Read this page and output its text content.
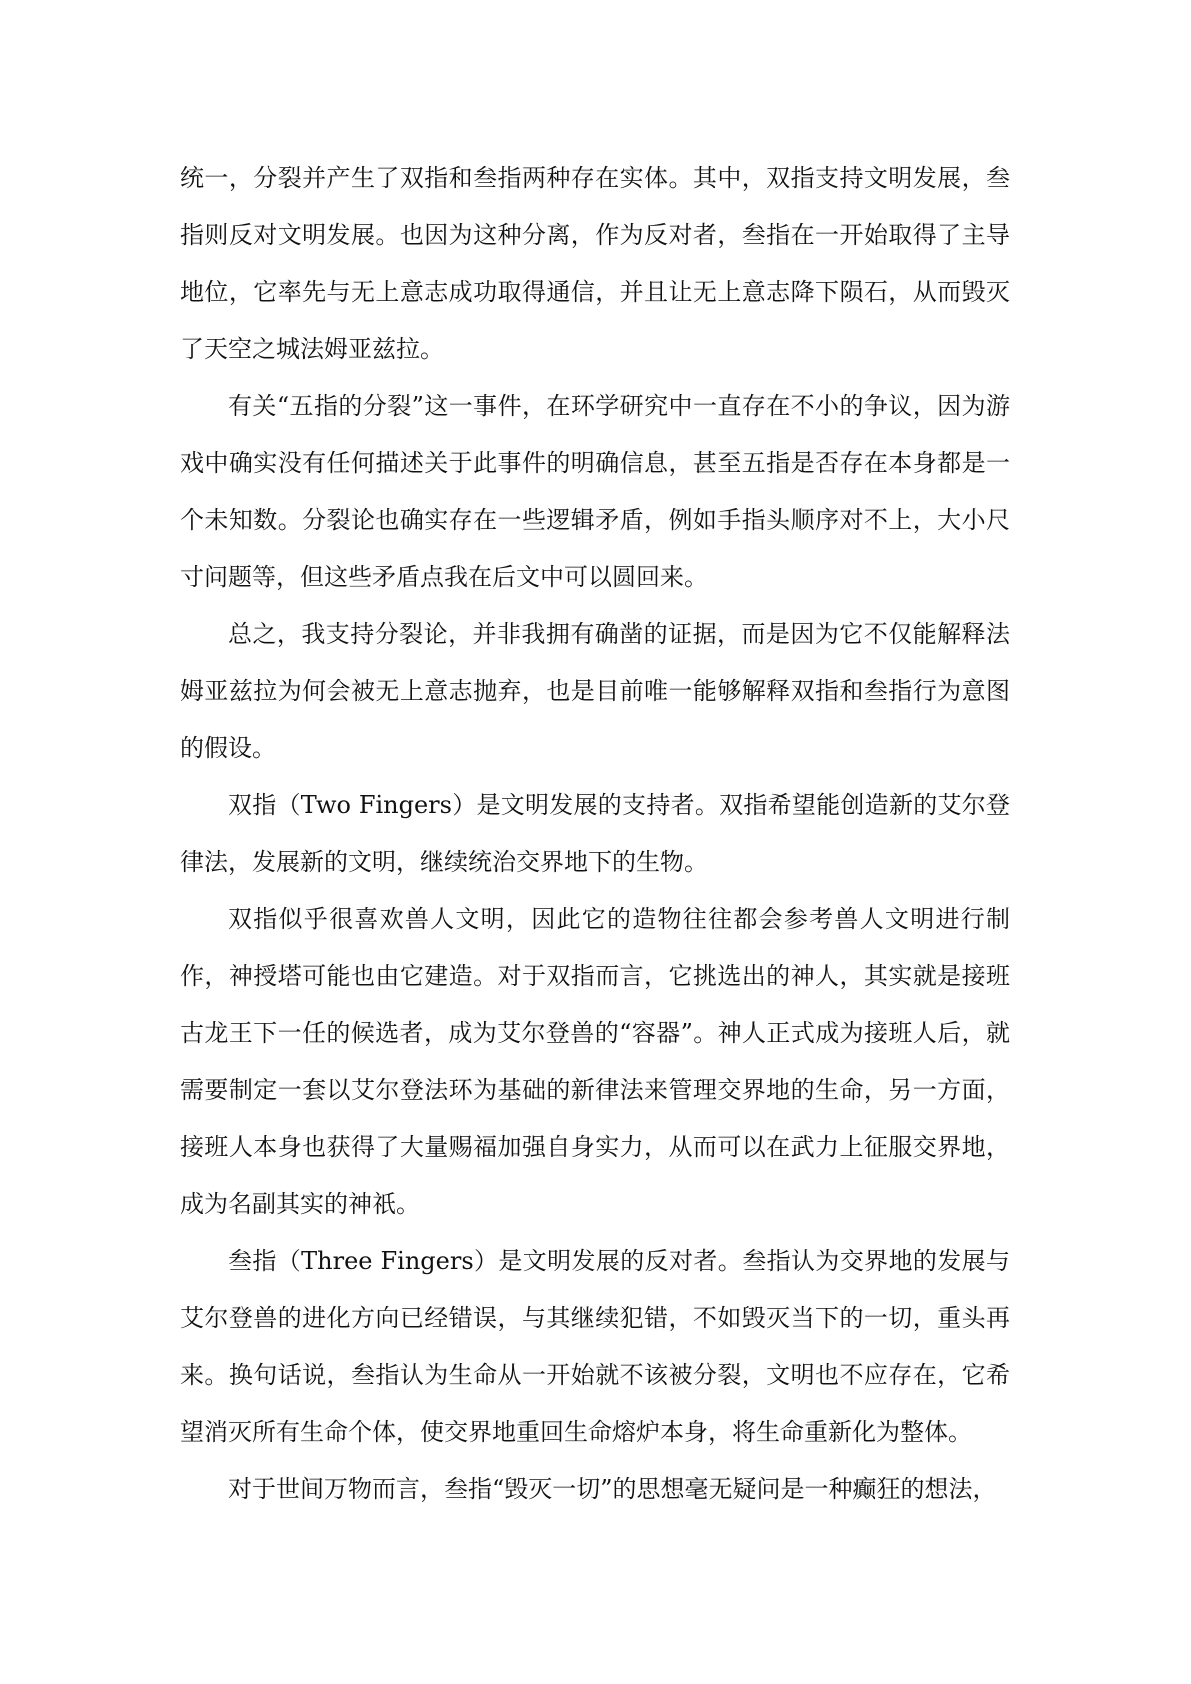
统一，分裂并产生了双指和叁指两种存在实体。其中，双指支持文明发展，叁指则反对文明发展。也因为这种分离，作为反对者，叁指在一开始取得了主导地位，它率先与无上意志成功取得通信，并且让无上意志降下陨石，从而毁灭了天空之城法姆亚兹拉。

有关“五指的分裂”这一事件，在环学研究中一直存在不小的争议，因为游戏中确实没有任何描述关于此事件的明确信息，甚至五指是否存在本身都是一个未知数。分裂论也确实存在一些逻辑矛盾，例如手指头顺序对不上，大小尺寸问题等，但这些矛盾点我在后文中可以圆回来。

总之，我支持分裂论，并非我拥有确凿的证据，而是因为它不仅能解释法姆亚兹拉为何会被无上意志抛弃，也是目前唯一能够解释双指和叁指行为意图的假设。

双指（Two Fingers）是文明发展的支持者。双指希望能创造新的艾尔登律法，发展新的文明，继续统治交界地下的生物。

双指似乎很喜欢兽人文明，因此它的造物往往都会参考兽人文明进行制作，神授塔可能也由它建造。对于双指而言，它挑选出的神人，其实就是接班古龙王下一任的候选者，成为艾尔登兽的“容器”。神人正式成为接班人后，就需要制定一套以艾尔登法环为基础的新律法来管理交界地的生命，另一方面，接班人本身也获得了大量赐福加强自身实力，从而可以在武力上征服交界地，成为名副其实的神祇。

叁指（Three Fingers）是文明发展的反对者。叁指认为交界地的发展与艾尔登兽的进化方向已经错误，与其继续犯错，不如毁灭当下的一切，重头再来。换句话说，叁指认为生命从一开始就不该被分裂，文明也不应存在，它希望消灭所有生命个体，使交界地重回生命熔炉本身，将生命重新化为整体。

对于世间万物而言，叁指“毁灭一切”的思想毫无疑问是一种癫狂的想法，
